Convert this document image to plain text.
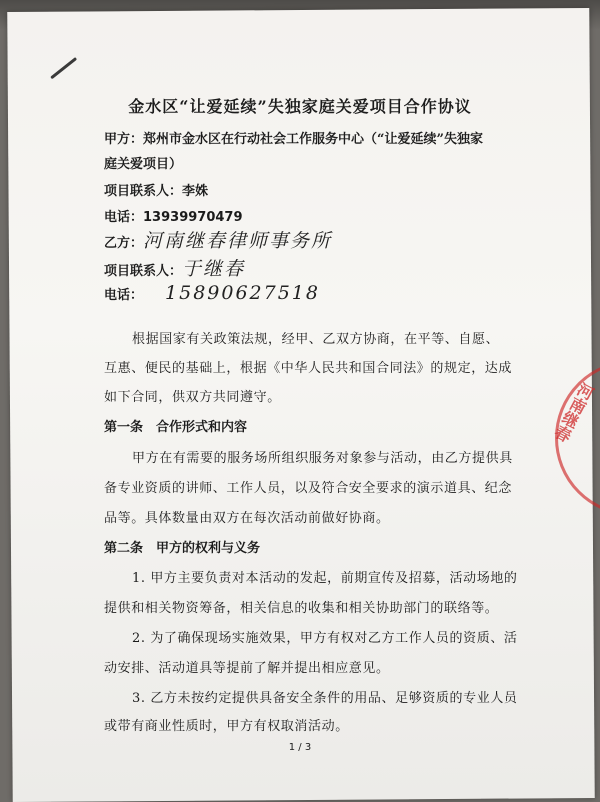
金水区“让爱延续”失独家庭关爱项目合作协议

甲方：郑州市金水区在行动社会工作服务中心（“让爱延续”失独家

庭关爱项目）

项目联系人：李姝

电话：13939970479

乙方：河南继春律师事务所

项目联系人：于继春

电话： 15890627518

根据国家有关政策法规，经甲、乙双方协商，在平等、自愿、

互惠、便民的基础上，根据《中华人民共和国合同法》的规定，达成

如下合同，供双方共同遵守。

第一条　合作形式和内容

甲方在有需要的服务场所组织服务对象参与活动，由乙方提供具

备专业资质的讲师、工作人员，以及符合安全要求的演示道具、纪念

品等。具体数量由双方在每次活动前做好协商。

第二条　甲方的权利与义务

1. 甲方主要负责对本活动的发起，前期宣传及招募，活动场地的

提供和相关物资筹备，相关信息的收集和相关协助部门的联络等。

2. 为了确保现场实施效果，甲方有权对乙方工作人员的资质、活

动安排、活动道具等提前了解并提出相应意见。

3. 乙方未按约定提供具备安全条件的用品、足够资质的专业人员

或带有商业性质时，甲方有权取消活动。

河南继春

1 / 3
